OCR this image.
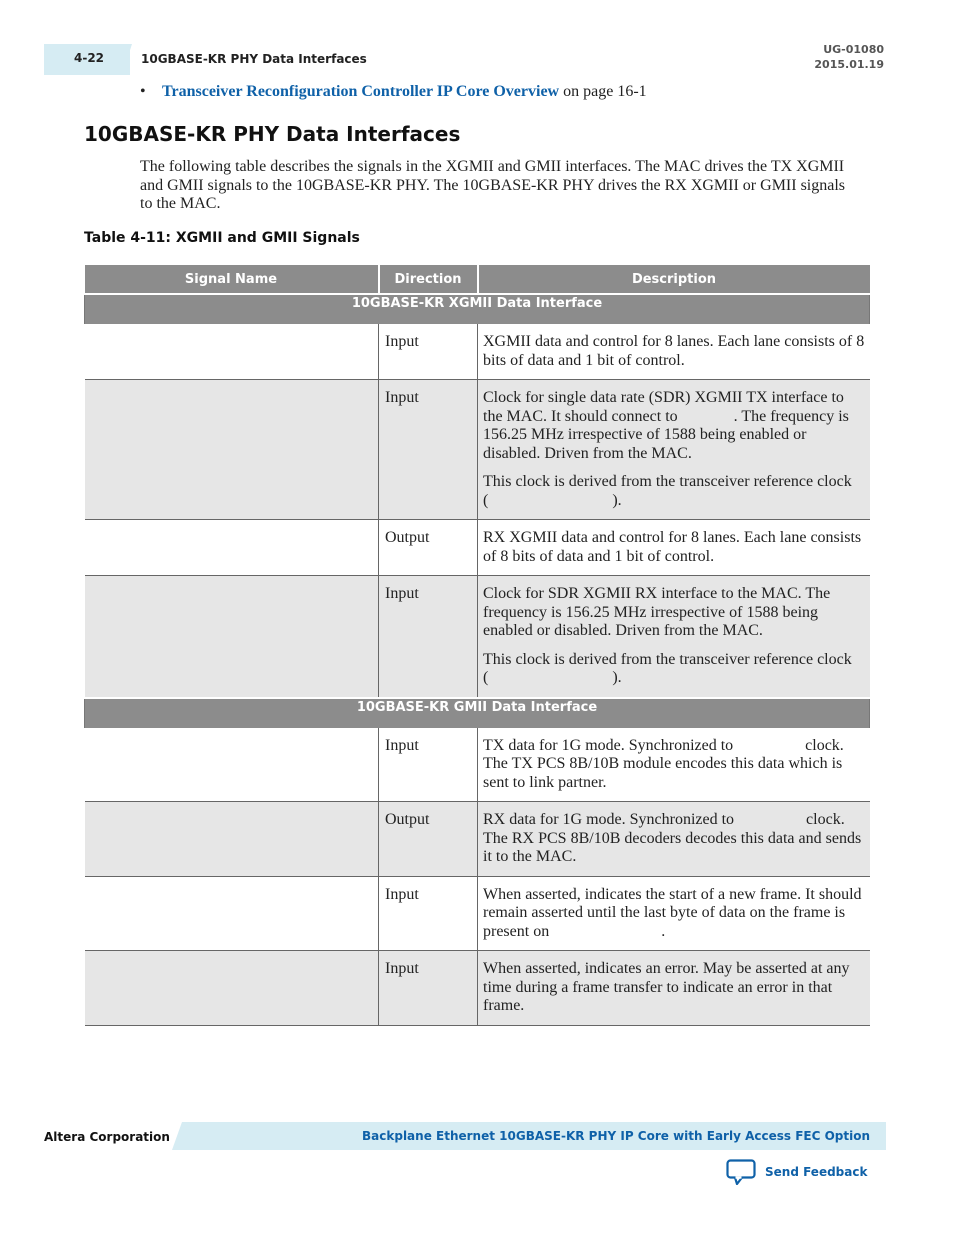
4-22	10GBASE-KR PHY Data Interfaces
UG-01080
2015.01.19
• Transceiver Reconfiguration Controller IP Core Overview on page 16-1
10GBASE-KR PHY Data Interfaces

The following table describes the signals in the XGMII and GMII interfaces. The MAC drives the TX XGMII and GMII signals to the 10GBASE-KR PHY. The 10GBASE-KR PHY drives the RX XGMII or GMII signals to the MAC.

Table 4-11: XGMII and GMII Signals
Signal Name	Direction	Description
10GBASE-KR XGMII Data Interface		
	Input	XGMII data and control for 8 lanes. Each lane consists of 8 bits of data and 1 bit of control.

	Input	Clock for single data rate (SDR) XGMII TX interface to the MAC. It should connect to              . The frequency is 156.25 MHz irrespective of 1588 being enabled or disabled. Driven from the MAC.

This clock is derived from the transceiver reference clock (                               ).

	Output	RX XGMII data and control for 8 lanes. Each lane consists of 8 bits of data and 1 bit of control.

	Input	Clock for SDR XGMII RX interface to the MAC. The frequency is 156.25 MHz irrespective of 1588 being enabled or disabled. Driven from the MAC.

This clock is derived from the transceiver reference clock (                               ).

10GBASE-KR GMII Data Interface		
	Input	TX data for 1G mode. Synchronized to                  clock. The TX PCS 8B/10B module encodes this data which is sent to link partner.

	Output	RX data for 1G mode. Synchronized to                  clock. The RX PCS 8B/10B decoders decodes this data and sends it to the MAC.

	Input	When asserted, indicates the start of a new frame. It should remain asserted until the last byte of data on the frame is present on                            .

	Input	When asserted, indicates an error. May be asserted at any time during a frame transfer to indicate an error in that frame.

Altera Corporation	Backplane Ethernet 10GBASE-KR PHY IP Core with Early Access FEC Option
Send Feedback
